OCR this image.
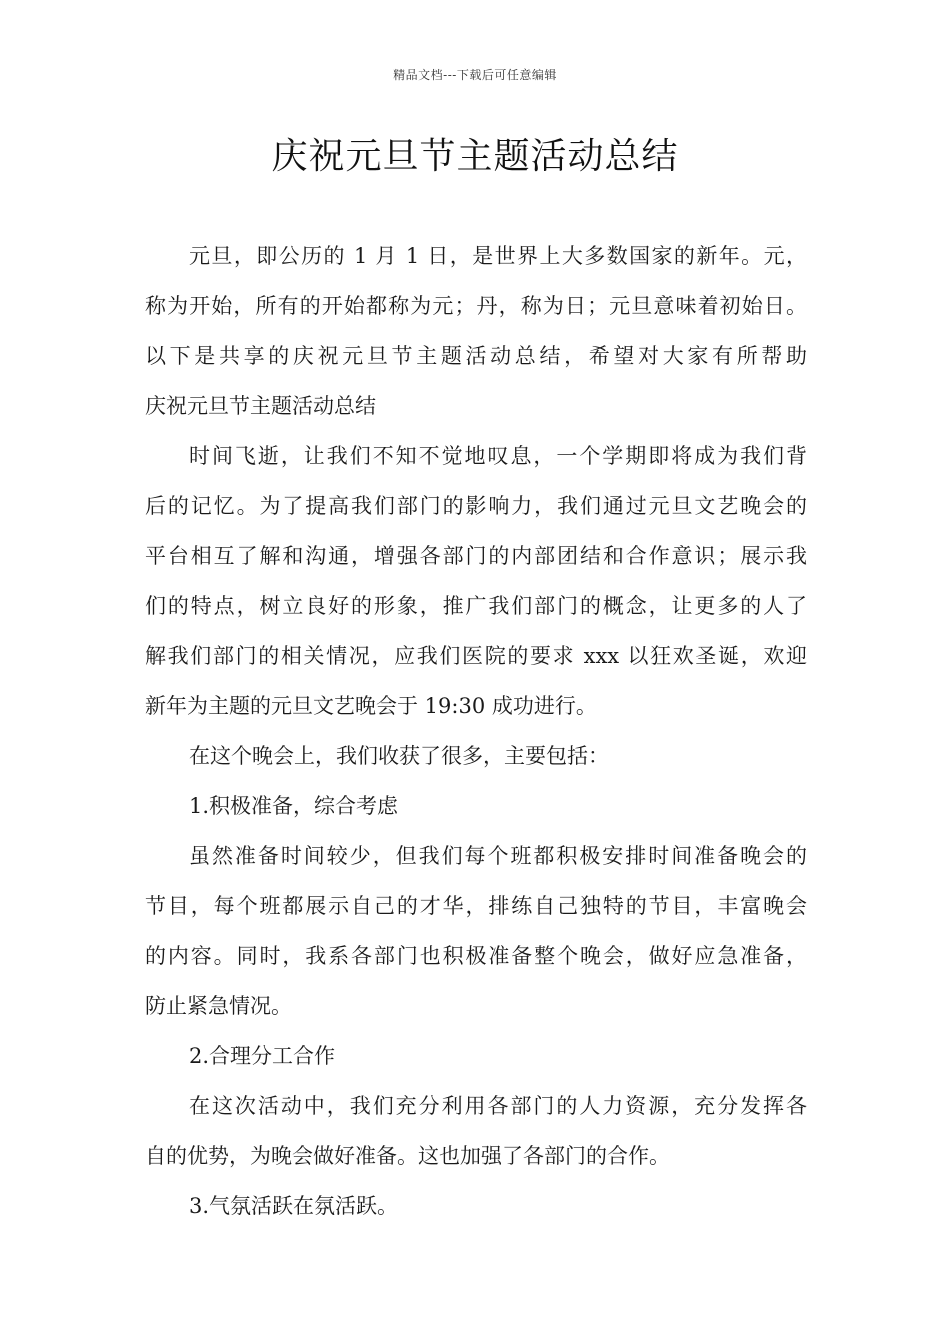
精品文档---下载后可任意编辑
庆祝元旦节主题活动总结
元旦，即公历的 1 月 1 日，是世界上大多数国家的新年。元，
称为开始，所有的开始都称为元；丹，称为日；元旦意味着初始日。
以下是共享的庆祝元旦节主题活动总结，希望对大家有所帮助
庆祝元旦节主题活动总结
时间飞逝，让我们不知不觉地叹息，一个学期即将成为我们背
后的记忆。为了提高我们部门的影响力，我们通过元旦文艺晚会的
平台相互了解和沟通，增强各部门的内部团结和合作意识；展示我
们的特点，树立良好的形象，推广我们部门的概念，让更多的人了
解我们部门的相关情况，应我们医院的要求 xxx 以狂欢圣诞，欢迎
新年为主题的元旦文艺晚会于 19:30 成功进行。
在这个晚会上，我们收获了很多，主要包括：
1.积极准备，综合考虑
虽然准备时间较少，但我们每个班都积极安排时间准备晚会的
节目，每个班都展示自己的才华，排练自己独特的节目，丰富晚会
的内容。同时，我系各部门也积极准备整个晚会，做好应急准备，
防止紧急情况。
2.合理分工合作
在这次活动中，我们充分利用各部门的人力资源，充分发挥各
自的优势，为晚会做好准备。这也加强了各部门的合作。
3.气氛活跃在氛活跃。
